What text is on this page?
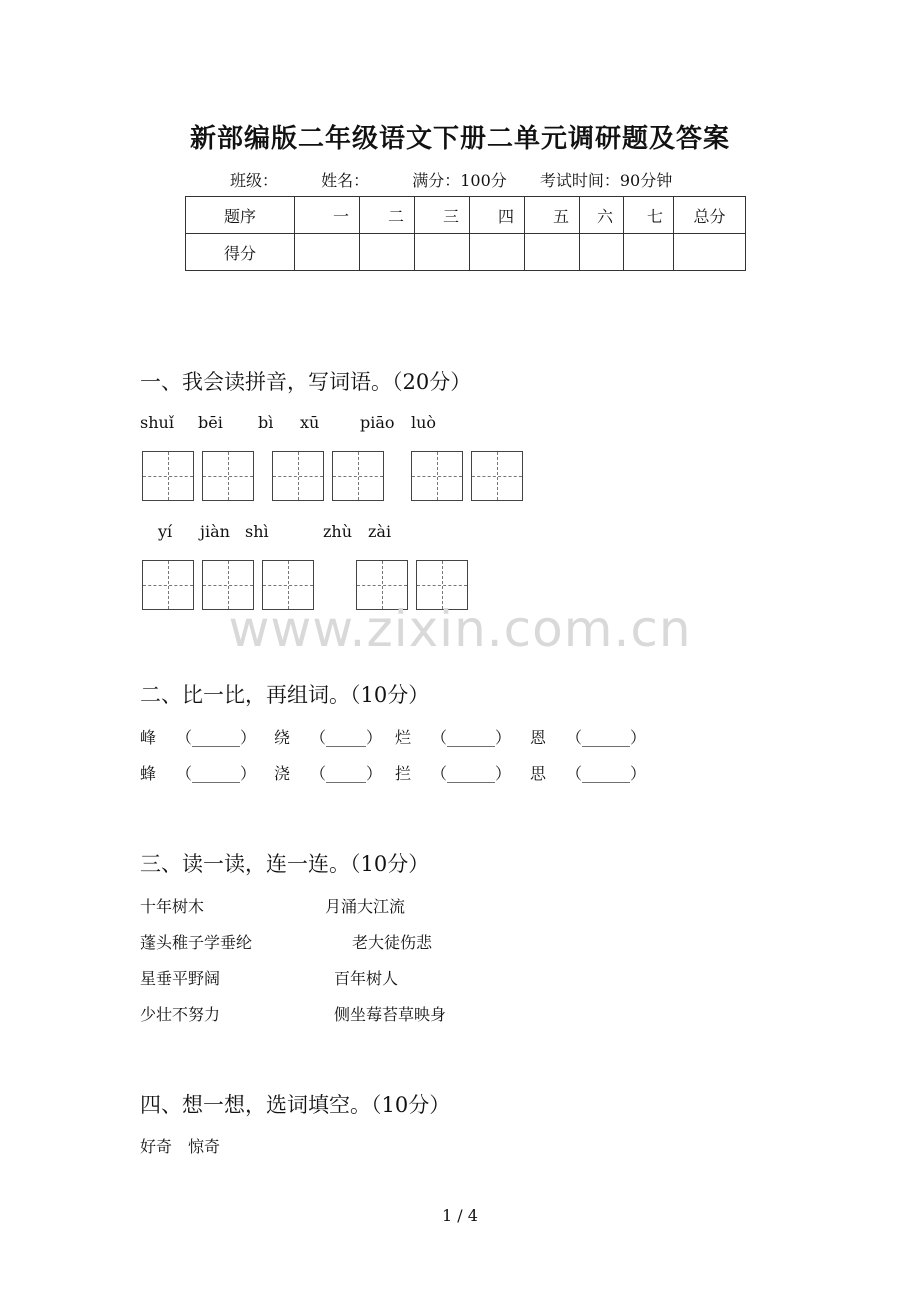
新部编版二年级语文下册二单元调研题及答案
班级：	姓名：	满分：100分 考试时间：90分钟
题序	一	二	三	四	五	六	七	总分
得分								
一、我会读拼音，写词语。（20分）
shuǐ bēi bì xū	piāo luò
yí jiàn shì	zhù zài
www.zixin.com.cn
二、比一比，再组词。（10分）
峰 （______） 绕 （_____） 烂 （______） 恩 （______）
蜂 （______） 浇 （_____） 拦 （______） 思 （______）
三、读一读，连一连。（10分）
十年树木	月涌大江流
蓬头稚子学垂纶	老大徒伤悲
星垂平野阔	百年树人
少壮不努力	侧坐莓苔草映身
四、想一想，选词填空。（10分）
好奇　惊奇
1 / 4
